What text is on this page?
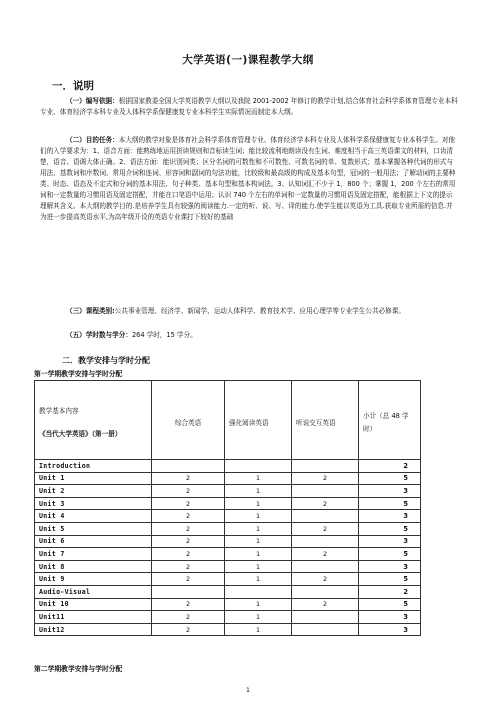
大学英语(一)课程教学大纲
一．说明

（一）编写依据：根据国家教委全国大学英语教学大纲以及我院 2001-2002 年修订的教学计划,结合体育社会科学系体育管理专业本科专业、体育经济学本科专业及人体科学系保健康复专业本科学生实际情况而制定本大纲。

（二）目的任务：本大纲的教学对象是体育社会科学系体育管理专业、体育经济学本科专业及人体科学系保健康复专业本科学生。对他们的入学要求为：1、语音方面：能熟练地运用拼读规则和音标读生词；能比较流利地朗读没有生词、难度相当于高三英语课文的材料，口齿清楚，语音、语调大体正确。2、语法方面：能识别词类；区分名词的可数性和不可数性、可数名词的单、复数形式；基本掌握各种代词的形式与用法、基数词和序数词、常用介词和连词、形容词和副词的句法功能，比较级和最高级的构成及基本句型，冠词的一般用法；了解动词的主要种类、时态、语态及不定式和分词的基本用法、句子种类、基本句型和基本构词法。3、认知词汇不少于 1，800 个；掌握 1，200 个左右的常用词和一定数量的习惯用语及固定搭配，并能在口笔语中运用；认识 740 个左右的单词和一定数量的习惯用语及固定搭配，能根据上下文的提示理解其含义。本大纲的教学目的.是培养学生具有较强的阅读能力.一定的听、说、写、译的能力.使学生能以英语为工具.获取专业所需的信息.并为进一步提高英语水平,为高年级开设的英语专业课打下较好的基础

（三）课程类别:公共事业管理、经济学、新闻学、运动人体科学、教育技术学、应用心理学等专业学生公共必修课。

（五）学时数与学分：264 学时，15 学分。

二．教学安排与学时分配
第一学期教学安排与学时分配
教学基本内容
《当代大学英语》（第一册）	综合英语	强化阅读英语	听说交互英语	小计（总 48 学时）
Introduction				2
Unit 1	2	1	2	5
Unit 2	2	1		3
Unit 3	2	1	2	5
Unit 4	2	1		3
Unit 5	2	1	2	5
Unit 6	2	1		3
Unit 7	2	1	2	5
Unit 8	2	1		3
Unit 9	2	1	2	5
Audio-Visual				2
Unit 10	2	1	2	5
Unit11	2	1		3
Unit12	2	1		3
第二学期教学安排与学时分配
1
